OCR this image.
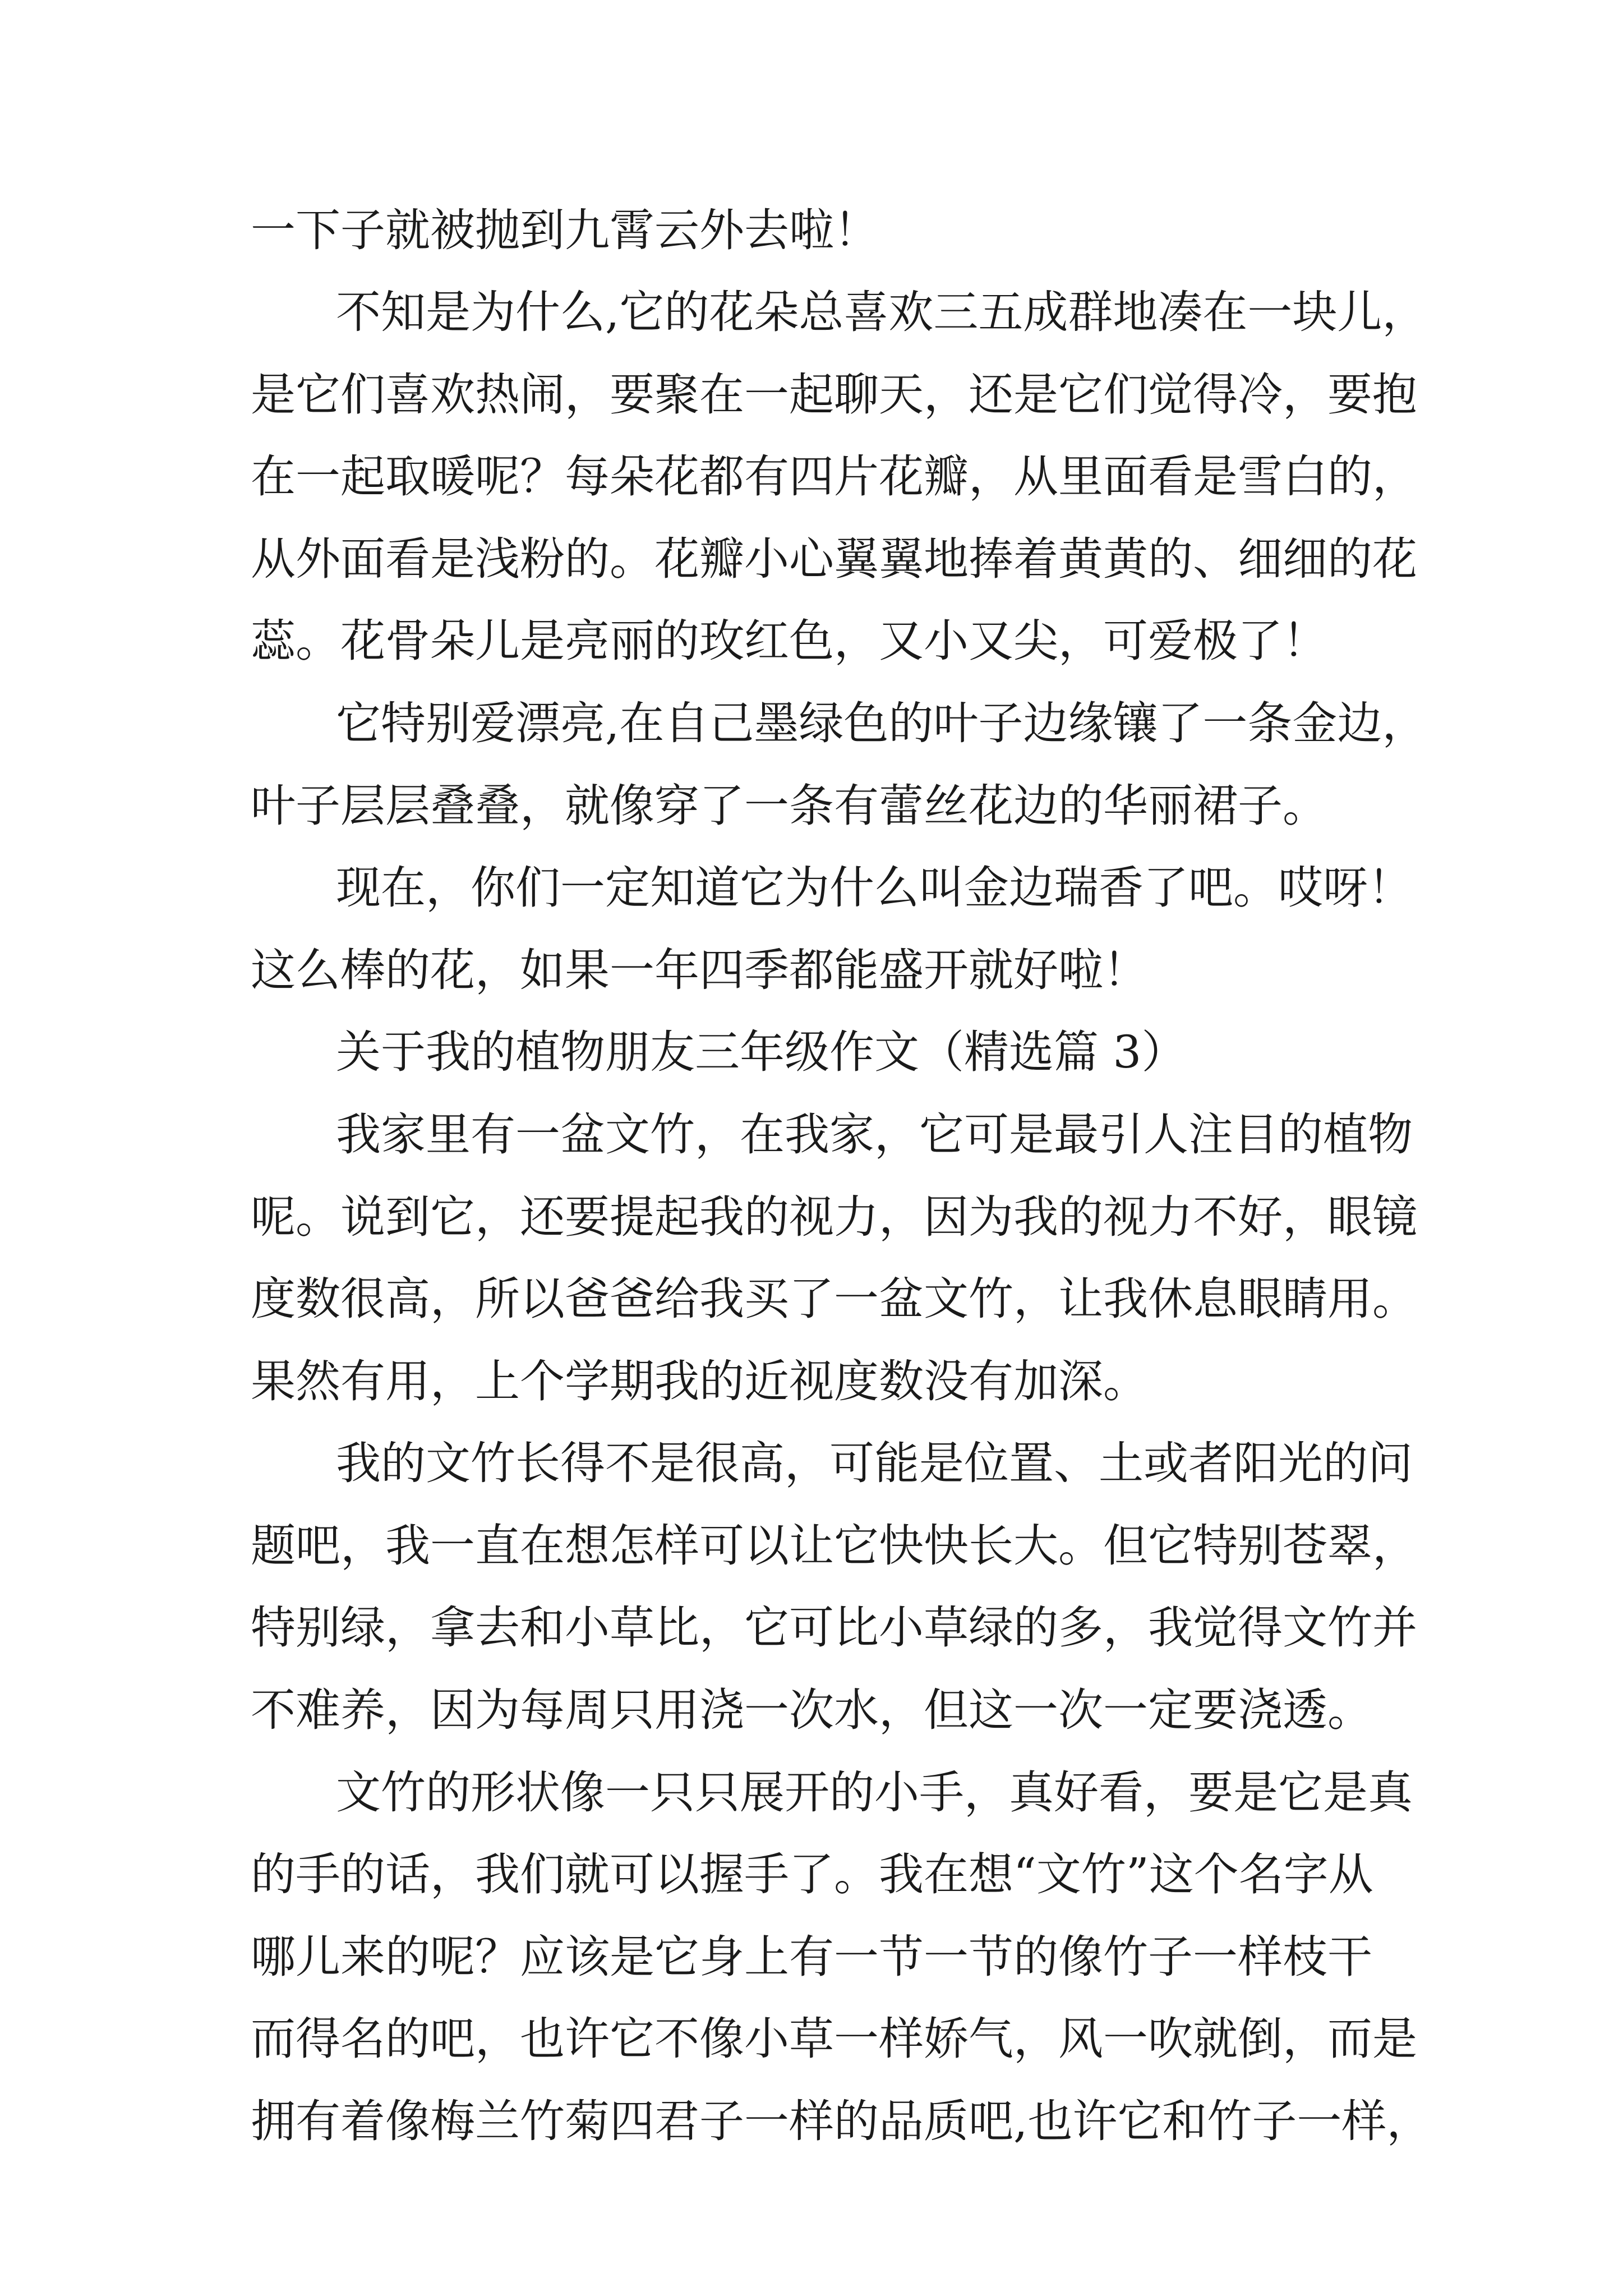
一下子就被抛到九霄云外去啦！

不知是为什么,它的花朵总喜欢三五成群地凑在一块儿，

是它们喜欢热闹，要聚在一起聊天，还是它们觉得冷，要抱

在一起取暖呢？每朵花都有四片花瓣，从里面看是雪白的，

从外面看是浅粉的。花瓣小心翼翼地捧着黄黄的、细细的花

蕊。花骨朵儿是亮丽的玫红色，又小又尖，可爱极了！

它特别爱漂亮,在自己墨绿色的叶子边缘镶了一条金边，

叶子层层叠叠，就像穿了一条有蕾丝花边的华丽裙子。

现在，你们一定知道它为什么叫金边瑞香了吧。哎呀！

这么棒的花，如果一年四季都能盛开就好啦！

关于我的植物朋友三年级作文（精选篇 3）

我家里有一盆文竹，在我家，它可是最引人注目的植物

呢。说到它，还要提起我的视力，因为我的视力不好，眼镜

度数很高，所以爸爸给我买了一盆文竹，让我休息眼睛用。

果然有用，上个学期我的近视度数没有加深。

我的文竹长得不是很高，可能是位置、土或者阳光的问

题吧，我一直在想怎样可以让它快快长大。但它特别苍翠，

特别绿，拿去和小草比，它可比小草绿的多，我觉得文竹并

不难养，因为每周只用浇一次水，但这一次一定要浇透。

文竹的形状像一只只展开的小手，真好看，要是它是真

的手的话，我们就可以握手了。我在想“文竹”这个名字从

哪儿来的呢？应该是它身上有一节一节的像竹子一样枝干

而得名的吧，也许它不像小草一样娇气，风一吹就倒，而是

拥有着像梅兰竹菊四君子一样的品质吧,也许它和竹子一样，
